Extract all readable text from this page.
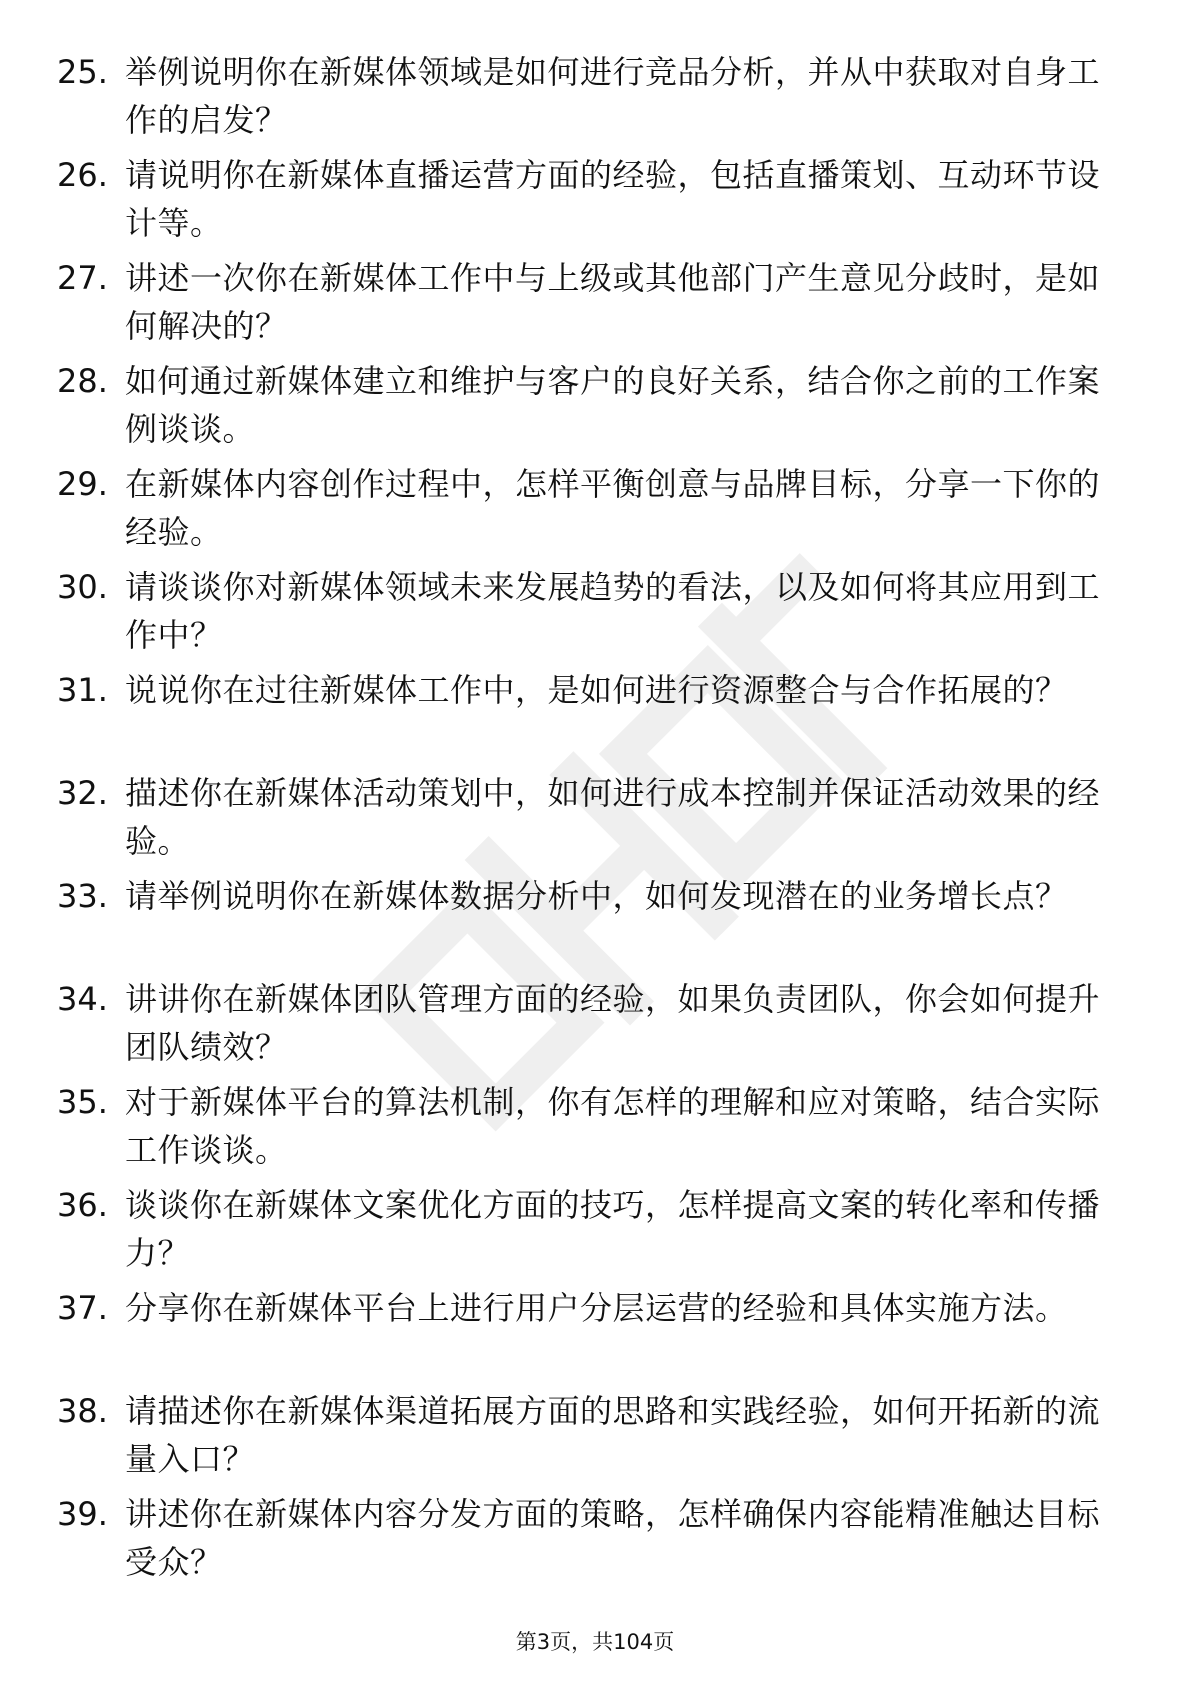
25. 举例说明你在新媒体领域是如何进行竞品分析，并从中获取对自身工作的启发？
26. 请说明你在新媒体直播运营方面的经验，包括直播策划、互动环节设计等。
27. 讲述一次你在新媒体工作中与上级或其他部门产生意见分歧时，是如何解决的？
28. 如何通过新媒体建立和维护与客户的良好关系，结合你之前的工作案例谈谈。
29. 在新媒体内容创作过程中，怎样平衡创意与品牌目标，分享一下你的经验。
30. 请谈谈你对新媒体领域未来发展趋势的看法，以及如何将其应用到工作中？
31. 说说你在过往新媒体工作中，是如何进行资源整合与合作拓展的？
32. 描述你在新媒体活动策划中，如何进行成本控制并保证活动效果的经验。
33. 请举例说明你在新媒体数据分析中，如何发现潜在的业务增长点？
34. 讲讲你在新媒体团队管理方面的经验，如果负责团队，你会如何提升团队绩效？
35. 对于新媒体平台的算法机制，你有怎样的理解和应对策略，结合实际工作谈谈。
36. 谈谈你在新媒体文案优化方面的技巧，怎样提高文案的转化率和传播力？
37. 分享你在新媒体平台上进行用户分层运营的经验和具体实施方法。
38. 请描述你在新媒体渠道拓展方面的思路和实践经验，如何开拓新的流量入口？
39. 讲述你在新媒体内容分发方面的策略，怎样确保内容能精准触达目标受众？
第3页，共104页
